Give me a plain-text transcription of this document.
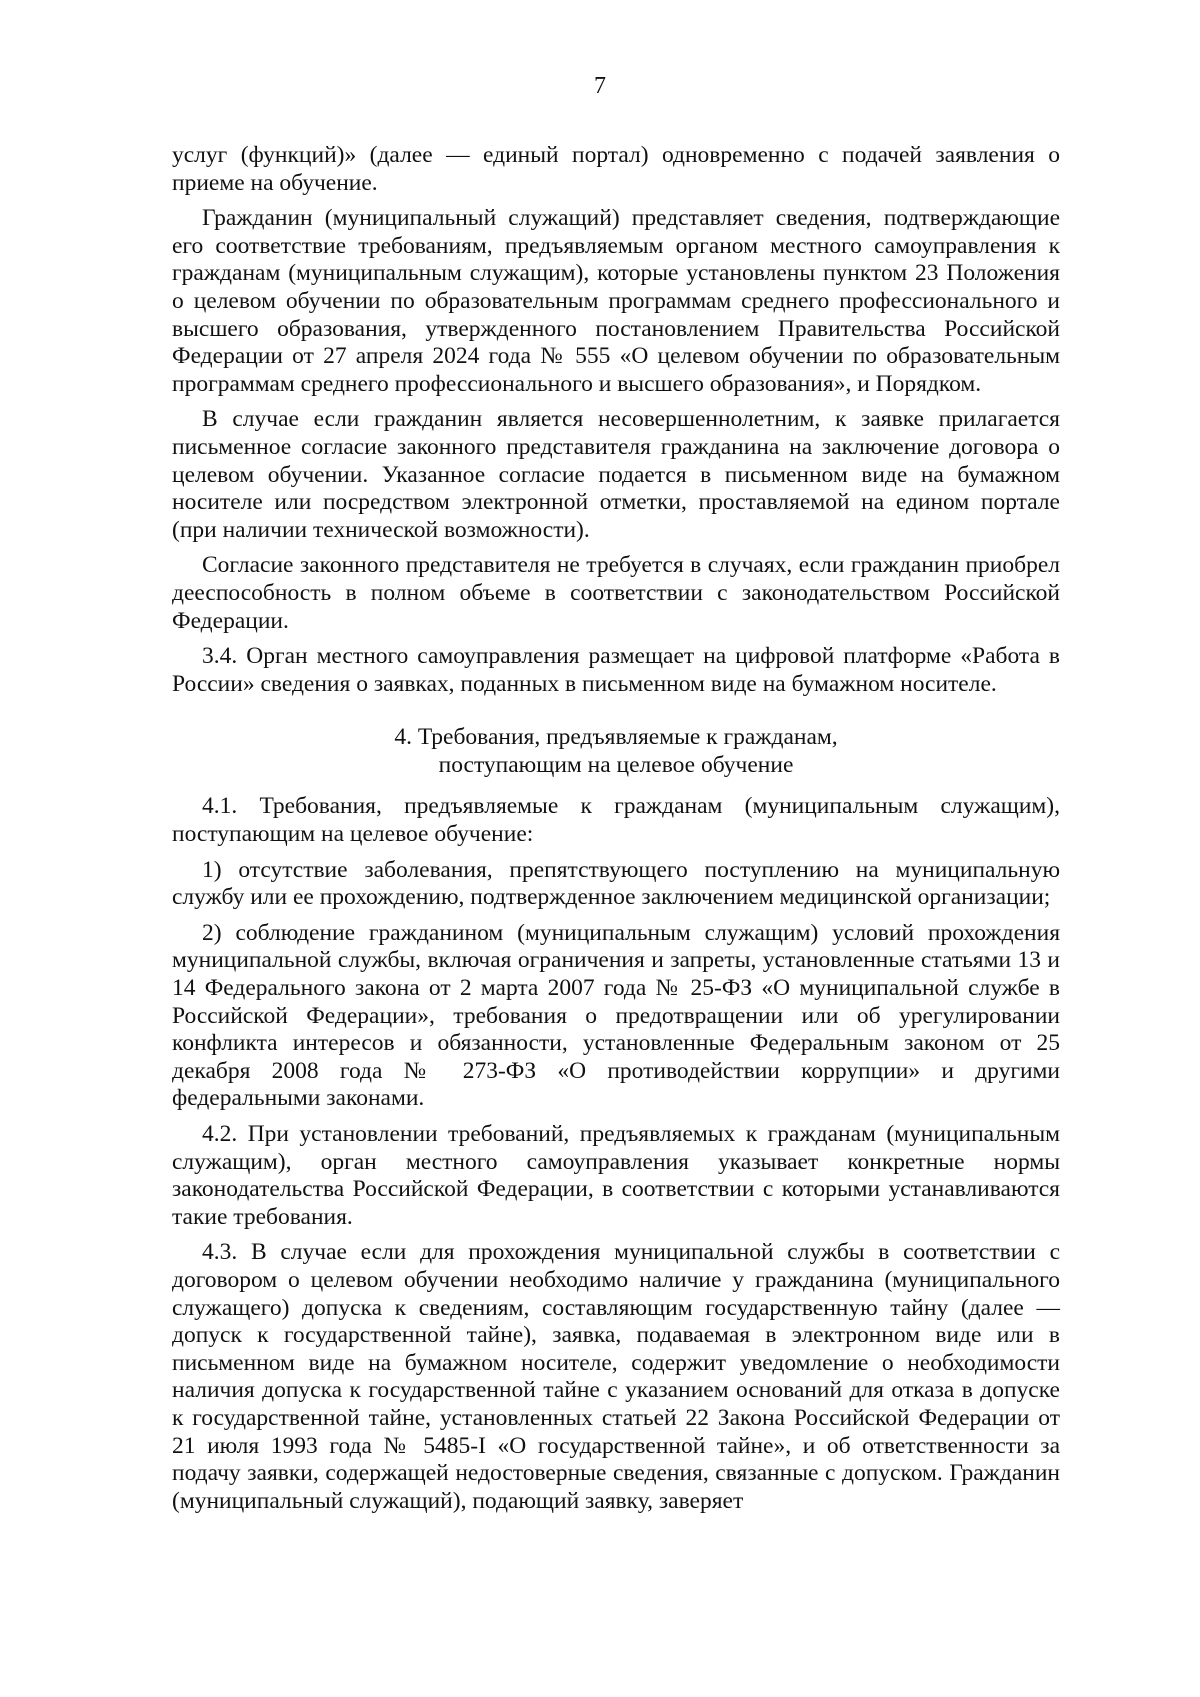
7

услуг (функций)» (далее — единый портал) одновременно с подачей заявления о приеме на обучение.

Гражданин (муниципальный служащий) представляет сведения, подтверждающие его соответствие требованиям, предъявляемым органом местного самоуправления к гражданам (муниципальным служащим), которые установлены пунктом 23 Положения о целевом обучении по образовательным программам среднего профессионального и высшего образования, утвержденного постановлением Правительства Российской Федерации от 27 апреля 2024 года № 555 «О целевом обучении по образовательным программам среднего профессионального и высшего образования», и Порядком.

В случае если гражданин является несовершеннолетним, к заявке прилагается письменное согласие законного представителя гражданина на заключение договора о целевом обучении. Указанное согласие подается в письменном виде на бумажном носителе или посредством электронной отметки, проставляемой на едином портале (при наличии технической возможности).

Согласие законного представителя не требуется в случаях, если гражданин приобрел дееспособность в полном объеме в соответствии с законодательством Российской Федерации.

3.4. Орган местного самоуправления размещает на цифровой платформе «Работа в России» сведения о заявках, поданных в письменном виде на бумажном носителе.

4. Требования, предъявляемые к гражданам,
поступающим на целевое обучение

4.1. Требования, предъявляемые к гражданам (муниципальным служащим), поступающим на целевое обучение:

1) отсутствие заболевания, препятствующего поступлению на муниципальную службу или ее прохождению, подтвержденное заключением медицинской организации;

2) соблюдение гражданином (муниципальным служащим) условий прохождения муниципальной службы, включая ограничения и запреты, установленные статьями 13 и 14 Федерального закона от 2 марта 2007 года № 25-ФЗ «О муниципальной службе в Российской Федерации», требования о предотвращении или об урегулировании конфликта интересов и обязанности, установленные Федеральным законом от 25 декабря 2008 года № 273-ФЗ «О противодействии коррупции» и другими федеральными законами.

4.2. При установлении требований, предъявляемых к гражданам (муниципальным служащим), орган местного самоуправления указывает конкретные нормы законодательства Российской Федерации, в соответствии с которыми устанавливаются такие требования.

4.3. В случае если для прохождения муниципальной службы в соответствии с договором о целевом обучении необходимо наличие у гражданина (муниципального служащего) допуска к сведениям, составляющим государственную тайну (далее — допуск к государственной тайне), заявка, подаваемая в электронном виде или в письменном виде на бумажном носителе, содержит уведомление о необходимости наличия допуска к государственной тайне с указанием оснований для отказа в допуске к государственной тайне, установленных статьей 22 Закона Российской Федерации от 21 июля 1993 года № 5485-I «О государственной тайне», и об ответственности за подачу заявки, содержащей недостоверные сведения, связанные с допуском. Гражданин (муниципальный служащий), подающий заявку, заверяет
